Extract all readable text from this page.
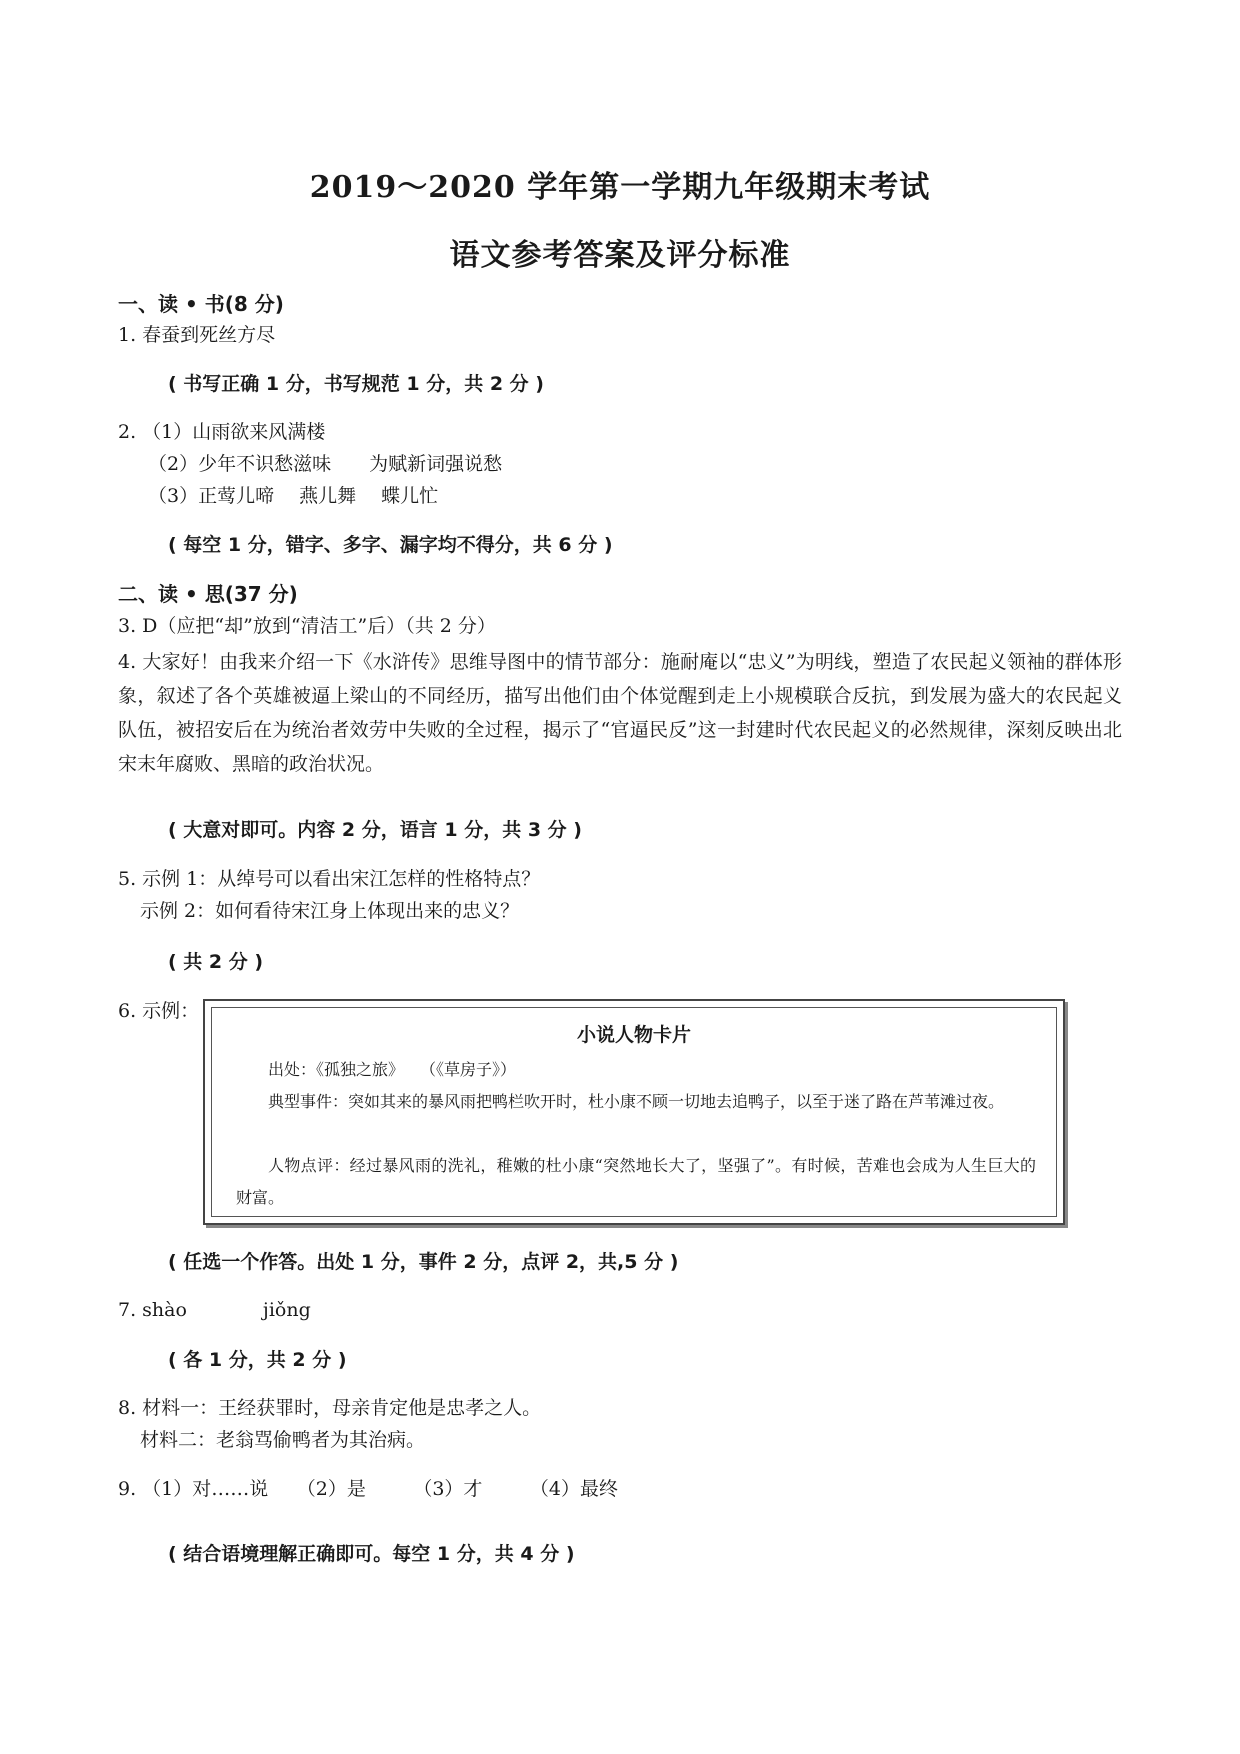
2019～2020 学年第一学期九年级期末考试
语文参考答案及评分标准
一、读 • 书(8 分)
1. 春蚕到死丝方尽
( 书写正确 1 分，书写规范 1 分，共 2 分 )
2. （1）山雨欲来风满楼
（2）少年不识愁滋味　　为赋新词强说愁
（3）正莺儿啼　 燕儿舞　 蝶儿忙
( 每空 1 分，错字、多字、漏字均不得分，共 6 分 )
二、读 • 思(37 分)
3. D（应把“却”放到“清洁工”后）（共 2 分）
4. 大家好！由我来介绍一下《水浒传》思维导图中的情节部分：施耐庵以“忠义”为明线，塑造了农民起义领袖的群体形象，叙述了各个英雄被逼上梁山的不同经历，描写出他们由个体觉醒到走上小规模联合反抗，到发展为盛大的农民起义队伍，被招安后在为统治者效劳中失败的全过程，揭示了“官逼民反”这一封建时代农民起义的必然规律，深刻反映出北宋末年腐败、黑暗的政治状况。
( 大意对即可。内容 2 分，语言 1 分，共 3 分 )
5. 示例 1：从绰号可以看出宋江怎样的性格特点？
示例 2：如何看待宋江身上体现出来的忠义？
( 共 2 分 )
6. 示例：
小说人物卡片
出处：《孤独之旅》　　（《草房子》）
典型事件：突如其来的暴风雨把鸭栏吹开时，杜小康不顾一切地去追鸭子，以至于迷了路在芦苇滩过夜。
人物点评：经过暴风雨的洗礼，稚嫩的杜小康“突然地长大了，坚强了”。有时候，苦难也会成为人生巨大的财富。
( 任选一个作答。出处 1 分，事件 2 分，点评 2，共,5 分 )
7. shào　　　　jiǒng
( 各 1 分，共 2 分 )
8. 材料一：王经获罪时，母亲肯定他是忠孝之人。
材料二：老翁骂偷鸭者为其治病。
9. （1）对……说　　（2）是　　　（3）才　　　（4）最终
( 结合语境理解正确即可。每空 1 分，共 4 分 )
